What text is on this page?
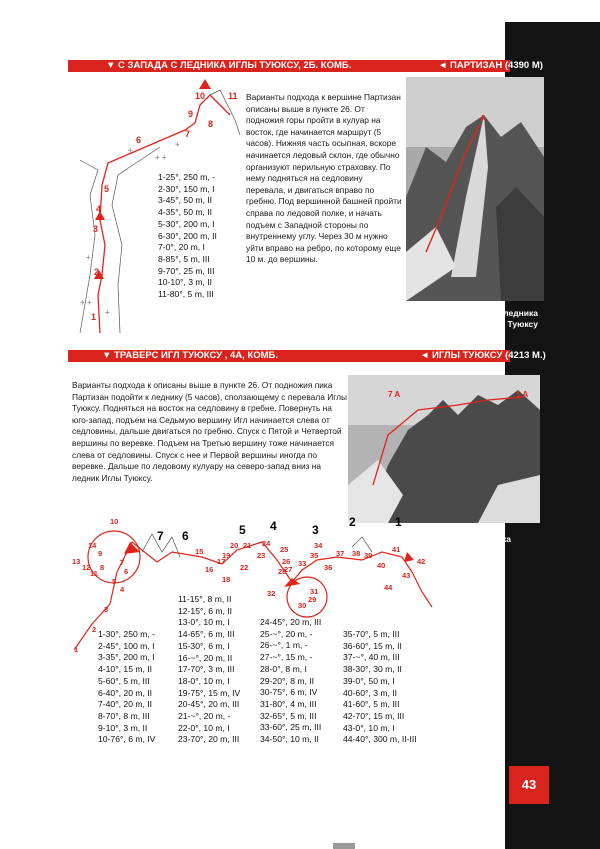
▼ С ЗАПАДА С ЛЕДНИКА ИГЛЫ ТУЮКСУ, 2Б. КОМБ.	◄ ПАРТИЗАН (4390 М)
+ +
+
+
+ +
+
+
1
2
3
4
5
6
7
8
9
10	11
1-25°, 250 m, -
2-30°, 150 m, I
3-45°, 50 m, II
4-35°, 50 m, II
5-30°, 200 m, I
6-30°, 200 m, II
7-0°, 20 m, I
8-85°, 5 m, III
9-70°, 25 m, III
10-10°, 3 m, II
11-80°, 5 m, III
Варианты подхода к вершине Партизан описаны выше в пункте 26. От подножия горы пройти в кулуар на восток, где начинается маршрут (5 часов). Нижняя часть осыпная, вскоре начинается ледовый склон, где обычно организуют перильную страховку. По нему подняться на седловину перевала, и двигаться вправо по гребню. Под вершинной башней пройти справа по ледовой полке, и начать подъем с Западной стороны по внутреннему углу. Через 30 м нужно уйти вправо на ребро, по которому еще 10 м. до вершины.
A
Вид с ледника
Туюксу
▼ ТРАВЕРС ИГЛ ТУЮКСУ , 4А, КОМБ.	◄ ИГЛЫ ТУЮКСУ (4213 М.)
Варианты подхода к описаны выше в пункте 26. От подножия пика Партизан подойти к леднику (5 часов), сползающему с перевала Иглы Туюксу. Подняться на восток на седловину в гребне. Повернуть на юго-запад, подъем на Седьмую вершину Игл начинается слева от седловины, дальше двигаться по гребню. Спуск с Пятой и Четвертой вершины по веревке. Подъем на Третью вершину тоже начинается слева от седловины. Спуск с нее и Первой вершины иногда по веревке. Дальше по ледовому кулуару на северо-запад вниз на ледник Иглы Туюксу.
7 A	1 A
Вид с ледника
Иглы Туюксу
7 6	5 4	3
2	1
1
2
3
4
5
6
7
8
9
10
11
12
13
14
15
16
17
18
19
20 21
22
23
24
25
26
27
28
29
30
31
32
33
34
35
36
37 38 39
40
41
42
43
44
1-30°, 250 m, -
2-45°, 100 m, I
3-35°, 200 m, I
4-10°, 15 m, II
5-60°, 5 m, III
6-40°, 20 m, II
7-40°, 20 m, II
8-70°, 8 m, III
9-10°, 3 m, II
10-76°, 6 m, IV
11-15°, 8 m, II
12-15°, 6 m, II
13-0°, 10 m, I
14-65°, 6 m, III
15-30°, 6 m, I
16-~°, 20 m, II
17-70°, 3 m, III
18-0°, 10 m, I
19-75°, 15 m, IV
20-45°, 20 m, III
21-~°, 20 m, -
22-0°, 10 m, I
23-70°, 20 m, III
24-45°, 20 m, III
25-~°, 20 m, -
26-~°, 1 m, -
27-~°, 15 m, -
28-0°, 8 m, I
29-20°, 8 m, II
30-75°, 6 m, IV
31-80°, 4 m, III
32-65°, 5 m, III
33-60°, 25 m, III
34-50°, 10 m, II
35-70°, 5 m, III
36-60°, 15 m, II
37-~°, 40 m, III
38-30°, 30 m, II
39-0°, 50 m, I
40-60°, 3 m, II
41-60°, 5 m, III
42-70°, 15 m, III
43-0°, 10 m, I
44-40°, 300 m, II-III
43
